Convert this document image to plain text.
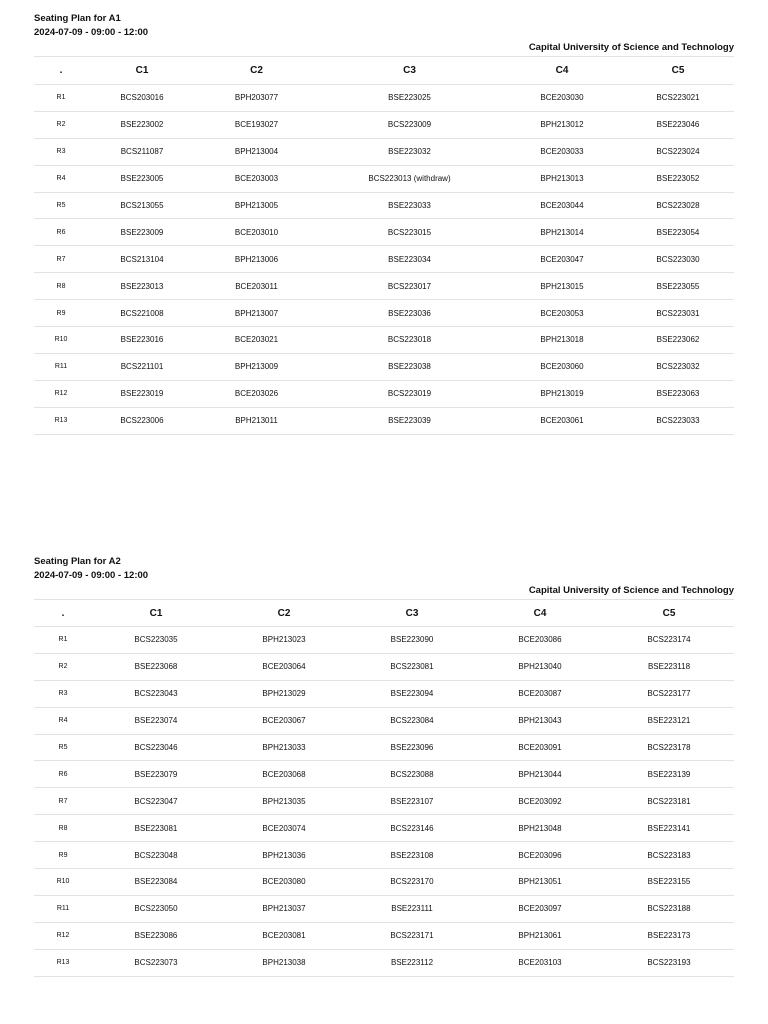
Seating Plan for A1
2024-07-09 - 09:00 - 12:00
Capital University of Science and Technology
.	C1	C2	C3	C4	C5
R1	BCS203016	BPH203077	BSE223025	BCE203030	BCS223021
R2	BSE223002	BCE193027	BCS223009	BPH213012	BSE223046
R3	BCS211087	BPH213004	BSE223032	BCE203033	BCS223024
R4	BSE223005	BCE203003	BCS223013 (withdraw)	BPH213013	BSE223052
R5	BCS213055	BPH213005	BSE223033	BCE203044	BCS223028
R6	BSE223009	BCE203010	BCS223015	BPH213014	BSE223054
R7	BCS213104	BPH213006	BSE223034	BCE203047	BCS223030
R8	BSE223013	BCE203011	BCS223017	BPH213015	BSE223055
R9	BCS221008	BPH213007	BSE223036	BCE203053	BCS223031
R10	BSE223016	BCE203021	BCS223018	BPH213018	BSE223062
R11	BCS221101	BPH213009	BSE223038	BCE203060	BCS223032
R12	BSE223019	BCE203026	BCS223019	BPH213019	BSE223063
R13	BCS223006	BPH213011	BSE223039	BCE203061	BCS223033
Seating Plan for A2
2024-07-09 - 09:00 - 12:00
Capital University of Science and Technology
.	C1	C2	C3	C4	C5
R1	BCS223035	BPH213023	BSE223090	BCE203086	BCS223174
R2	BSE223068	BCE203064	BCS223081	BPH213040	BSE223118
R3	BCS223043	BPH213029	BSE223094	BCE203087	BCS223177
R4	BSE223074	BCE203067	BCS223084	BPH213043	BSE223121
R5	BCS223046	BPH213033	BSE223096	BCE203091	BCS223178
R6	BSE223079	BCE203068	BCS223088	BPH213044	BSE223139
R7	BCS223047	BPH213035	BSE223107	BCE203092	BCS223181
R8	BSE223081	BCE203074	BCS223146	BPH213048	BSE223141
R9	BCS223048	BPH213036	BSE223108	BCE203096	BCS223183
R10	BSE223084	BCE203080	BCS223170	BPH213051	BSE223155
R11	BCS223050	BPH213037	BSE223111	BCE203097	BCS223188
R12	BSE223086	BCE203081	BCS223171	BPH213061	BSE223173
R13	BCS223073	BPH213038	BSE223112	BCE203103	BCS223193
